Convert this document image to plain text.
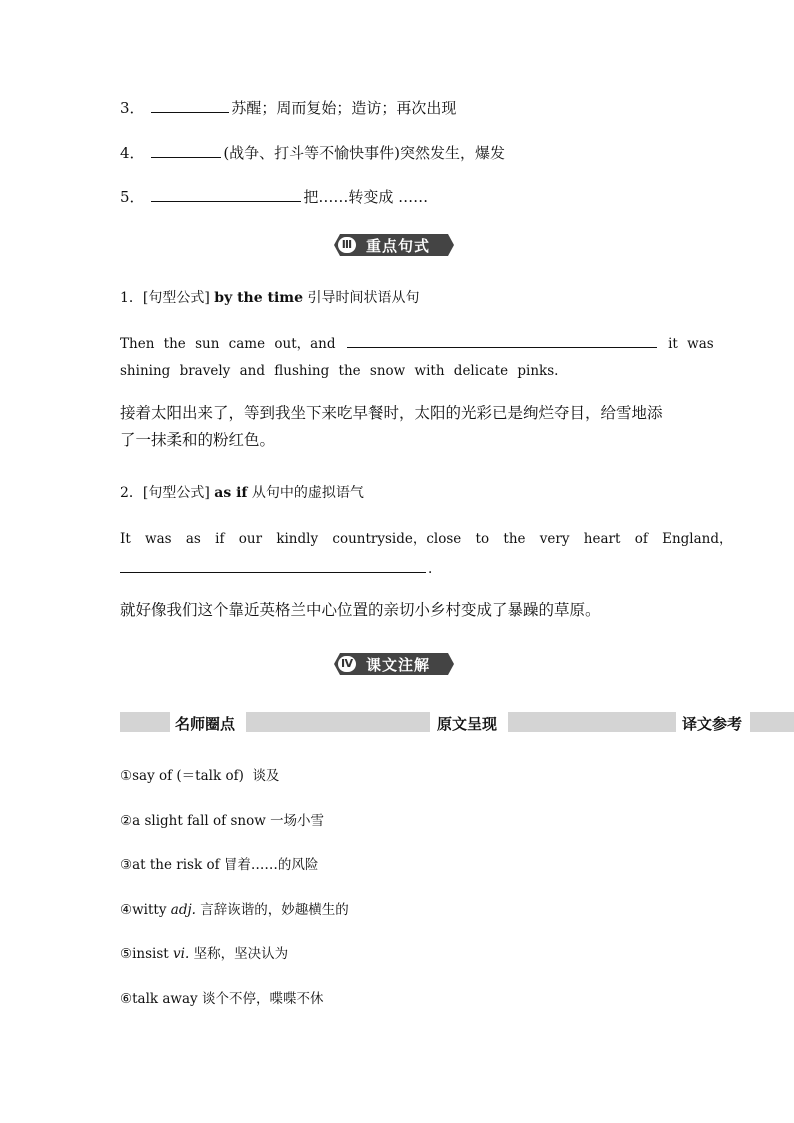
3．	苏醒；周而复始；造访；再次出现
4．	(战争、打斗等不愉快事件)突然发生，爆发
5．	把……转变成 ……
Ⅲ 重点句式
1．[句型公式] by the time 引导时间状语从句
Then the sun came out，and	it was
shining bravely and flushing the snow with delicate pinks.
接着太阳出来了，等到我坐下来吃早餐时，太阳的光彩已是绚烂夺目，给雪地添
了一抹柔和的粉红色。
2．[句型公式] as if 从句中的虚拟语气
It was as if our kindly countryside，close to the very heart of England，
.
就好像我们这个靠近英格兰中心位置的亲切小乡村变成了暴躁的草原。
Ⅳ 课文注解
名师圈点	原文呈现	译文参考
①say of (＝talk of) 谈及
②a slight fall of snow 一场小雪
③at the risk of 冒着……的风险
④witty adj. 言辞诙谐的，妙趣横生的
⑤insist vi. 坚称，坚决认为
⑥talk away 谈个不停，喋喋不休
